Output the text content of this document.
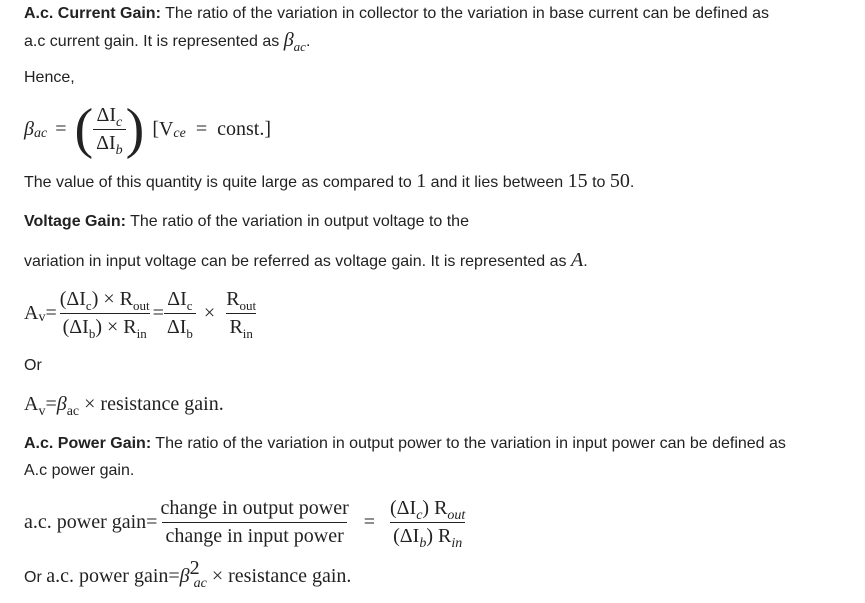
A.c. Current Gain: The ratio of the variation in collector to the variation in base current can be defined as
a.c current gain. It is represented as $\beta_{ac}$.
Hence,
β ac = ( $\frac{\text{ΔIc}}{\text{ΔIb}}$ ) [V ce = const.]
The value of this quantity is quite large as compared to 1 and it lies between 15 to 50.
Voltage Gain: The ratio of the variation in output voltage to the
variation in input voltage can be referred as voltage gain. It is represented as A.
A $v = \frac{(\Delta I_c) \times R_{out}}{(\Delta I_b) \times R_{in}} = \frac{\Delta I_c}{\Delta I_b} \times \frac{R_{out}}{R_{in}}$
Or
Av=βac × resistance gain.
A.c. Power Gain: The ratio of the variation in output power to the variation in input power can be defined as
A.c power gain.
a.c. power gain = $\frac{\text{change in output power}}{\text{change in input power}} = \frac{\text{(ΔIc) Rout}}{\text{(ΔIb) Rin}}$
Or a.c. power gain=β2ac × resistance gain.
